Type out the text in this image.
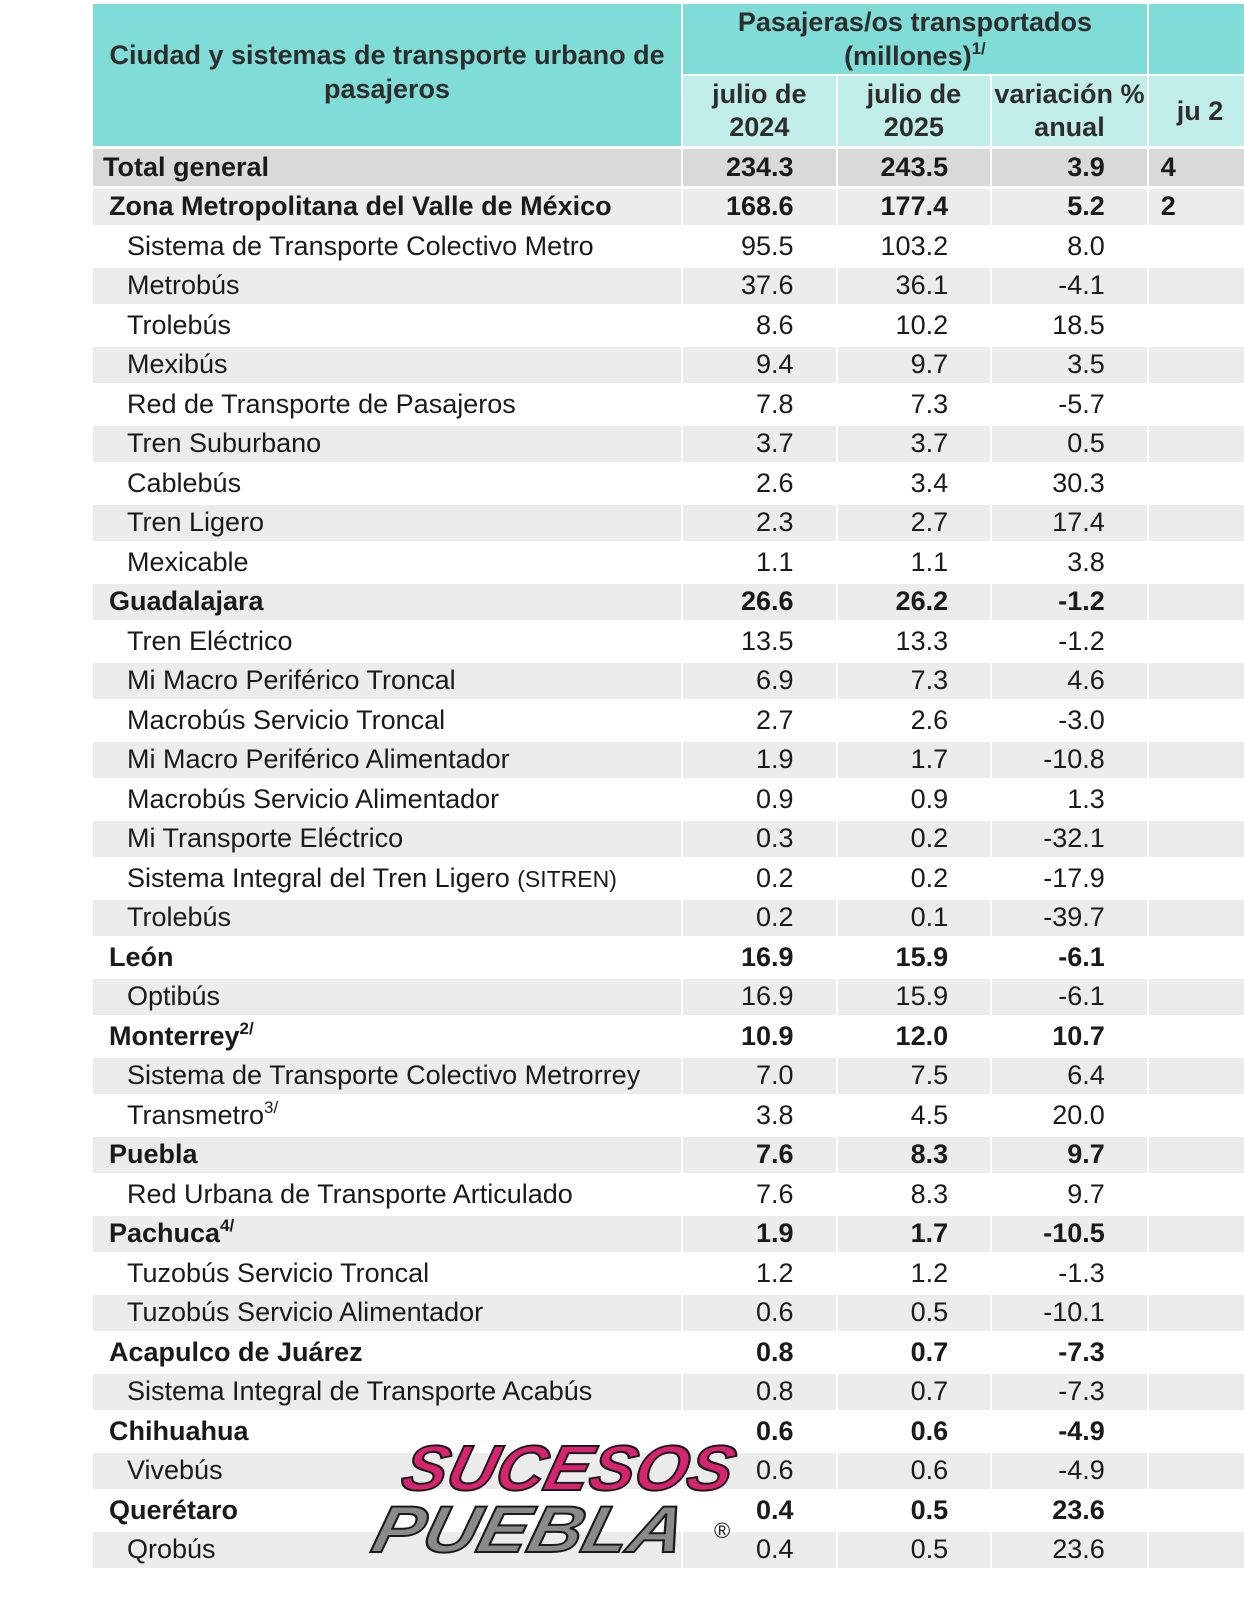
Ciudad y sistemas de transporte urbano de pasajeros	Pasajeras/os transportados (millones)$^{1/}$	
	julio de 2024	julio de 2025	variación % anual	ju 2
Total general	234.3	243.5	3.9	4
Zona Metropolitana del Valle de México	168.6	177.4	5.2	2
Sistema de Transporte Colectivo Metro	95.5	103.2	8.0	
Metrobús	37.6	36.1	-4.1	
Trolebús	8.6	10.2	18.5	
Mexibús	9.4	9.7	3.5	
Red de Transporte de Pasajeros	7.8	7.3	-5.7	
Tren Suburbano	3.7	3.7	0.5	
Cablebús	2.6	3.4	30.3	
Tren Ligero	2.3	2.7	17.4	
Mexicable	1.1	1.1	3.8	
Guadalajara	26.6	26.2	-1.2	
Tren Eléctrico	13.5	13.3	-1.2	
Mi Macro Periférico Troncal	6.9	7.3	4.6	
Macrobús Servicio Troncal	2.7	2.6	-3.0	
Mi Macro Periférico Alimentador	1.9	1.7	-10.8	
Macrobús Servicio Alimentador	0.9	0.9	1.3	
Mi Transporte Eléctrico	0.3	0.2	-32.1	
Sistema Integral del Tren Ligero (SITREN)	0.2	0.2	-17.9	
Trolebús	0.2	0.1	-39.7	
León	16.9	15.9	-6.1	
Optibús	16.9	15.9	-6.1	
Monterrey$^{2/}$	10.9	12.0	10.7	
Sistema de Transporte Colectivo Metrorrey	7.0	7.5	6.4	
Transmetro$^{3/}$	3.8	4.5	20.0	
Puebla	7.6	8.3	9.7	
Red Urbana de Transporte Articulado	7.6	8.3	9.7	
Pachuca$^{4/}$	1.9	1.7	-10.5	
Tuzobús Servicio Troncal	1.2	1.2	-1.3	
Tuzobús Servicio Alimentador	0.6	0.5	-10.1	
Acapulco de Juárez	0.8	0.7	-7.3	
Sistema Integral de Transporte Acabús	0.8	0.7	-7.3	
Chihuahua	0.6	0.6	-4.9	
Vivebús	0.6	0.6	-4.9	
Querétaro	0.4	0.5	23.6	
Qrobús	0.4	0.5	23.6	
SUCESOS
PUEBLA	®
